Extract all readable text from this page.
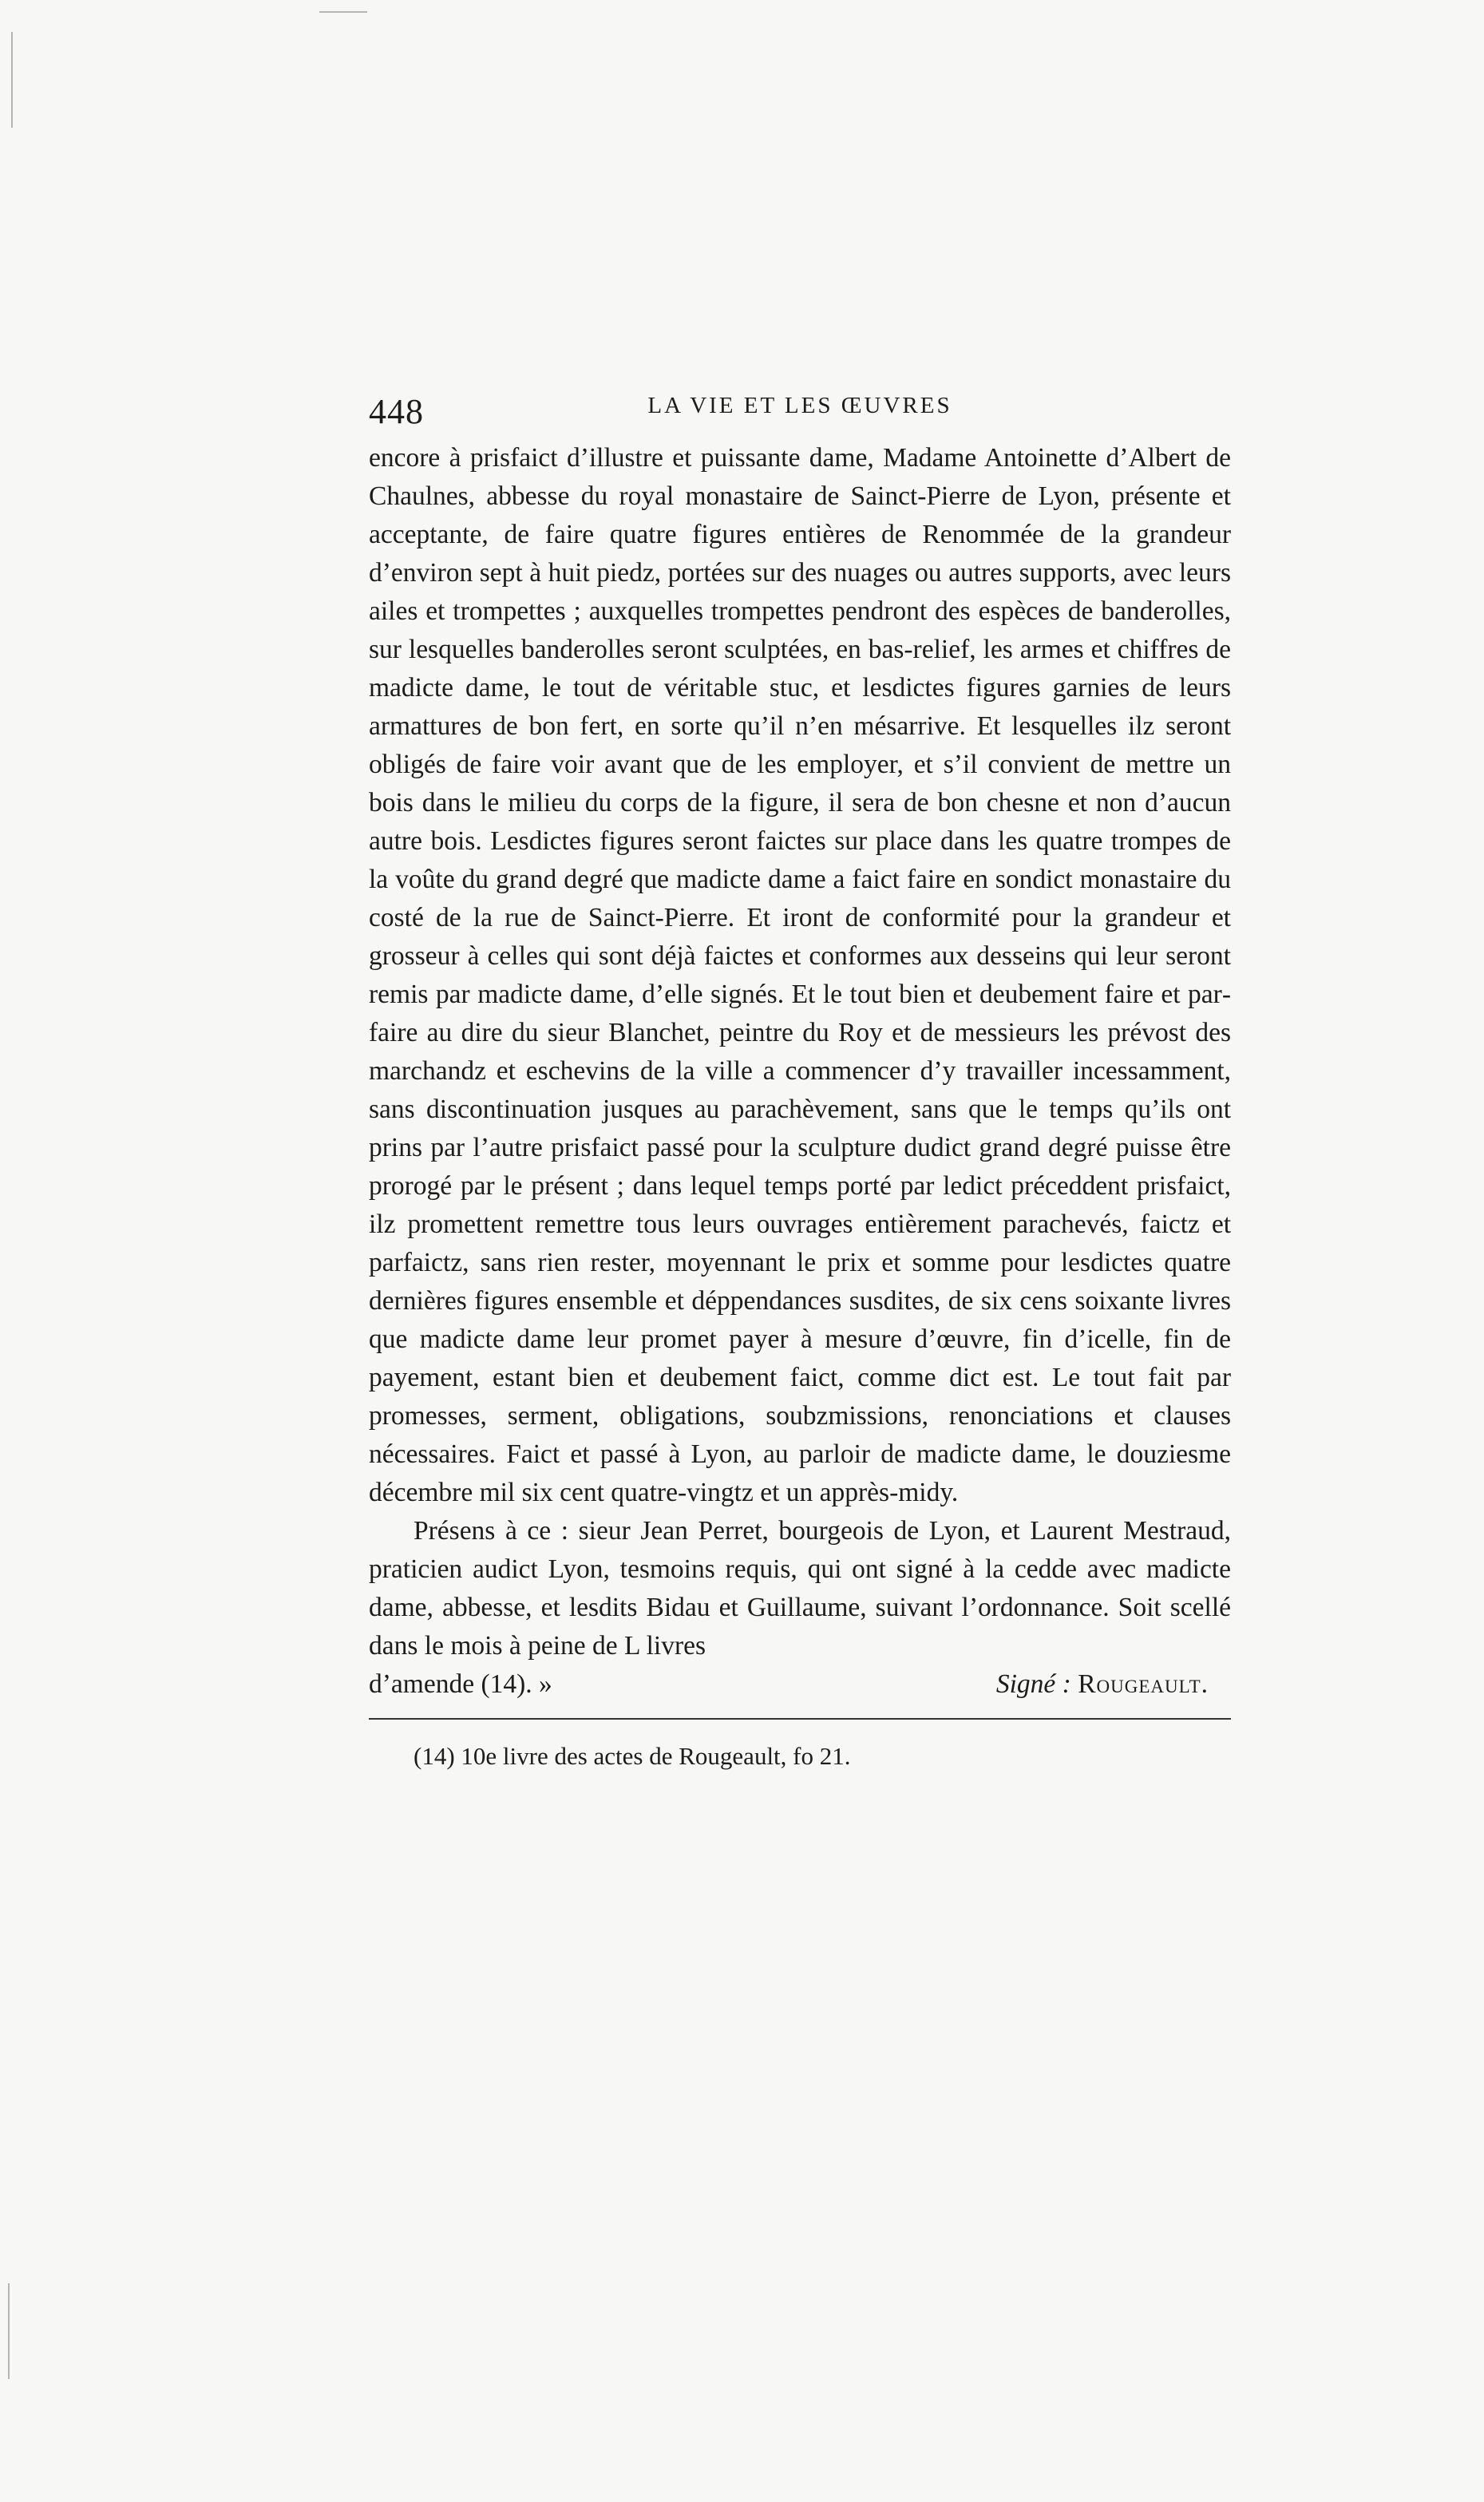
448	LA VIE ET LES ŒUVRES

encore à prisfaict d’illustre et puissante dame, Madame Antoinette d’Albert de Chaulnes, abbesse du royal monastaire de Sainct-Pierre de Lyon, présente et acceptante, de faire quatre figures entières de Renommée de la grandeur d’environ sept à huit piedz, portées sur des nuages ou autres supports, avec leurs ailes et trompettes ; auxquelles trompettes pendront des espèces de banderolles, sur lesquelles banderolles seront sculptées, en bas-relief, les armes et chiffres de madicte dame, le tout de véritable stuc, et lesdictes figures garnies de leurs armattures de bon fert, en sorte qu’il n’en mésarrive. Et lesquelles ilz seront obligés de faire voir avant que de les employer, et s’il convient de mettre un bois dans le milieu du corps de la figure, il sera de bon chesne et non d’aucun autre bois. Lesdictes figures seront faictes sur place dans les quatre trompes de la voûte du grand degré que madicte dame a faict faire en sondict monastaire du costé de la rue de Sainct-Pierre. Et iront de conformité pour la grandeur et grosseur à celles qui sont déjà faictes et conformes aux desseins qui leur seront remis par madicte dame, d’elle signés. Et le tout bien et deubement faire et parfaire au dire du sieur Blanchet, peintre du Roy et de messieurs les prévost des marchandz et eschevins de la ville a commencer d’y travailler incessamment, sans discontinuation jusques au parachèvement, sans que le temps qu’ils ont prins par l’autre prisfaict passé pour la sculpture dudict grand degré puisse être prorogé par le présent ; dans lequel temps porté par ledict préceddent prisfaict, ilz promettent remettre tous leurs ouvrages entièrement parachevés, faictz et parfaictz, sans rien rester, moyennant le prix et somme pour lesdictes quatre dernières figures ensemble et déppendances susdites, de six cens soixante livres que madicte dame leur promet payer à mesure d’œuvre, fin d’icelle, fin de payement, estant bien et deubement faict, comme dict est. Le tout fait par promesses, serment, obligations, soubzmissions, renonciations et clauses nécessaires. Faict et passé à Lyon, au parloir de madicte dame, le douziesme décembre mil six cent quatre-vingtz et un apprès-midy.

Présens à ce : sieur Jean Perret, bourgeois de Lyon, et Laurent Mestraud, praticien audict Lyon, tesmoins requis, qui ont signé à la cedde avec madicte dame, abbesse, et lesdits Bidau et Guillaume, suivant l’ordonnance. Soit scellé dans le mois à peine de L livres

d’amende (14). »	Signé : Rougeault.

(14) 10e livre des actes de Rougeault, fo 21.
